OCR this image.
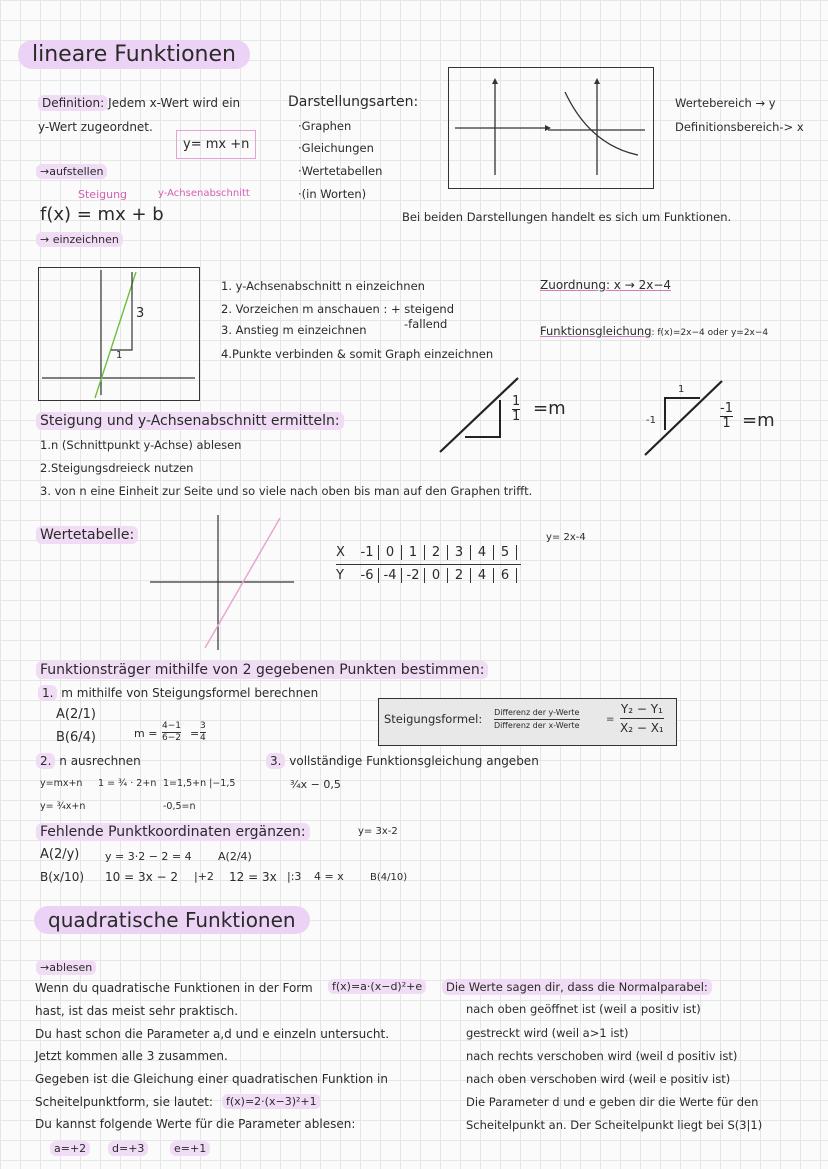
lineare Funktionen
Definition: Jedem x-Wert wird ein
y-Wert zugeordnet.
y= mx +n
Darstellungsarten:
·Graphen
·Gleichungen
·Wertetabellen
·(in Worten)
→aufstellen
Steigung	y-Achsenabschnitt
f(x) = mx + b
→ einzeichnen
Wertebereich → y
Definitionsbereich-> x
Bei beiden Darstellungen handelt es sich um Funktionen.
3
1
1. y-Achsenabschnitt n einzeichnen
2. Vorzeichen m anschauen : + steigend
-fallend
3. Anstieg m einzeichnen
4.Punkte verbinden & somit Graph einzeichnen
Zuordnung: x → 2x−4
Funktionsgleichung: f(x)=2x−4 oder y=2x−4
Steigung und y-Achsenabschnitt ermitteln:
1.n (Schnittpunkt y-Achse) ablesen
2.Steigungsdreieck nutzen
3. von n eine Einheit zur Seite und so viele nach oben bis man auf den Graphen trifft.
$\frac{1}{1} =m$
1
-1	$\frac{-1}{1} =m$
Wertetabelle:
X -1 0 1 2 3 4 5
Y -6 -4 -2 0 2 4 6
y= 2x-4
Funktionsträger mithilfe von 2 gegebenen Punkten bestimmen:
1. m mithilfe von Steigungsformel berechnen
A(2/1)
B(6/4)	$m = \frac{4-1}{6-2} = \frac{3}{4}$
Steigungsformel: Differenz der y-Werte
Differenz der x-Werte
=
Y₂ − Y₁
X₂ − X₁
2. n ausrechnen	3. vollständige Funktionsgleichung angeben
y=mx+n 1 = ¾ · 2+n 1=1,5+n |−1,5
y= ¾x+n	-0,5=n
¾x − 0,5
Fehlende Punktkoordinaten ergänzen:	y= 3x-2
A(2/y) y = 3·2 − 2 = 4 A(2/4)
B(x/10) 10 = 3x − 2 |+2 12 = 3x |:3 4 = x	B(4/10)
quadratische Funktionen
→ablesen
Wenn du quadratische Funktionen in der Form	f(x)=a·(x−d)²+e
hast, ist das meist sehr praktisch.
Du hast schon die Parameter a,d und e einzeln untersucht.
Jetzt kommen alle 3 zusammen.
Gegeben ist die Gleichung einer quadratischen Funktion in
Scheitelpunktform, sie lautet:	f(x)=2·(x−3)²+1
Du kannst folgende Werte für die Parameter ablesen:
a=+2	d=+3	e=+1
Die Werte sagen dir, dass die Normalparabel:
nach oben geöffnet ist (weil a positiv ist)
gestreckt wird (weil a>1 ist)
nach rechts verschoben wird (weil d positiv ist)
nach oben verschoben wird (weil e positiv ist)
Die Parameter d und e geben dir die Werte für den
Scheitelpunkt an. Der Scheitelpunkt liegt bei S(3|1)
